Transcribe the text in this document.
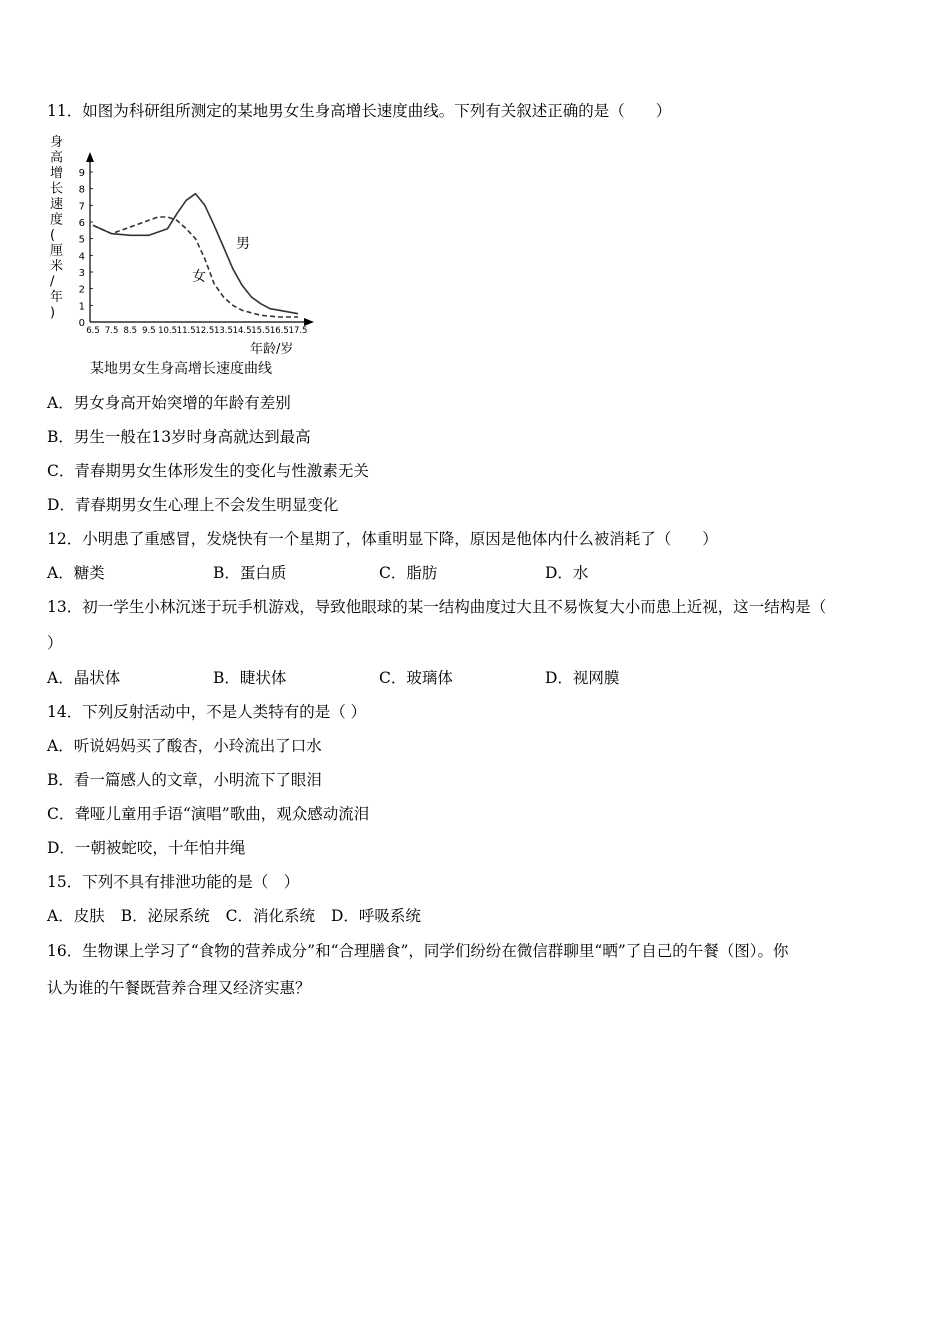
11．如图为科研组所测定的某地男女生身高增长速度曲线。下列有关叙述正确的是（　　）
身
高
增
长
速
度
(
厘
米
/
年
)
0
1
2
3
4
5
6
7
8
9
6.5 7.5 8.5 9.5 10.5 11.5 12.5 13.5 14.5 15.5 16.5 17.5
男
女
年龄/岁
某地男女生身高增长速度曲线
A．男女身高开始突增的年龄有差别
B．男生一般在13岁时身高就达到最高
C．青春期男女生体形发生的变化与性激素无关
D．青春期男女生心理上不会发生明显变化
12．小明患了重感冒，发烧快有一个星期了，体重明显下降，原因是他体内什么被消耗了（　　）
A．糖类	B．蛋白质	C．脂肪	D．水
13．初一学生小林沉迷于玩手机游戏，导致他眼球的某一结构曲度过大且不易恢复大小而患上近视，这一结构是（
）
A．晶状体	B．睫状体	C．玻璃体	D．视网膜
14．下列反射活动中，不是人类特有的是（ ）
A．听说妈妈买了酸杏，小玲流出了口水
B．看一篇感人的文章，小明流下了眼泪
C．聋哑儿童用手语“演唱”歌曲，观众感动流泪
D．一朝被蛇咬，十年怕井绳
15．下列不具有排泄功能的是（　）
A．皮肤 B．泌尿系统 C．消化系统 D．呼吸系统
16．生物课上学习了“食物的营养成分”和“合理膳食”，同学们纷纷在微信群聊里“晒”了自己的午餐（图）。你
认为谁的午餐既营养合理又经济实惠？
